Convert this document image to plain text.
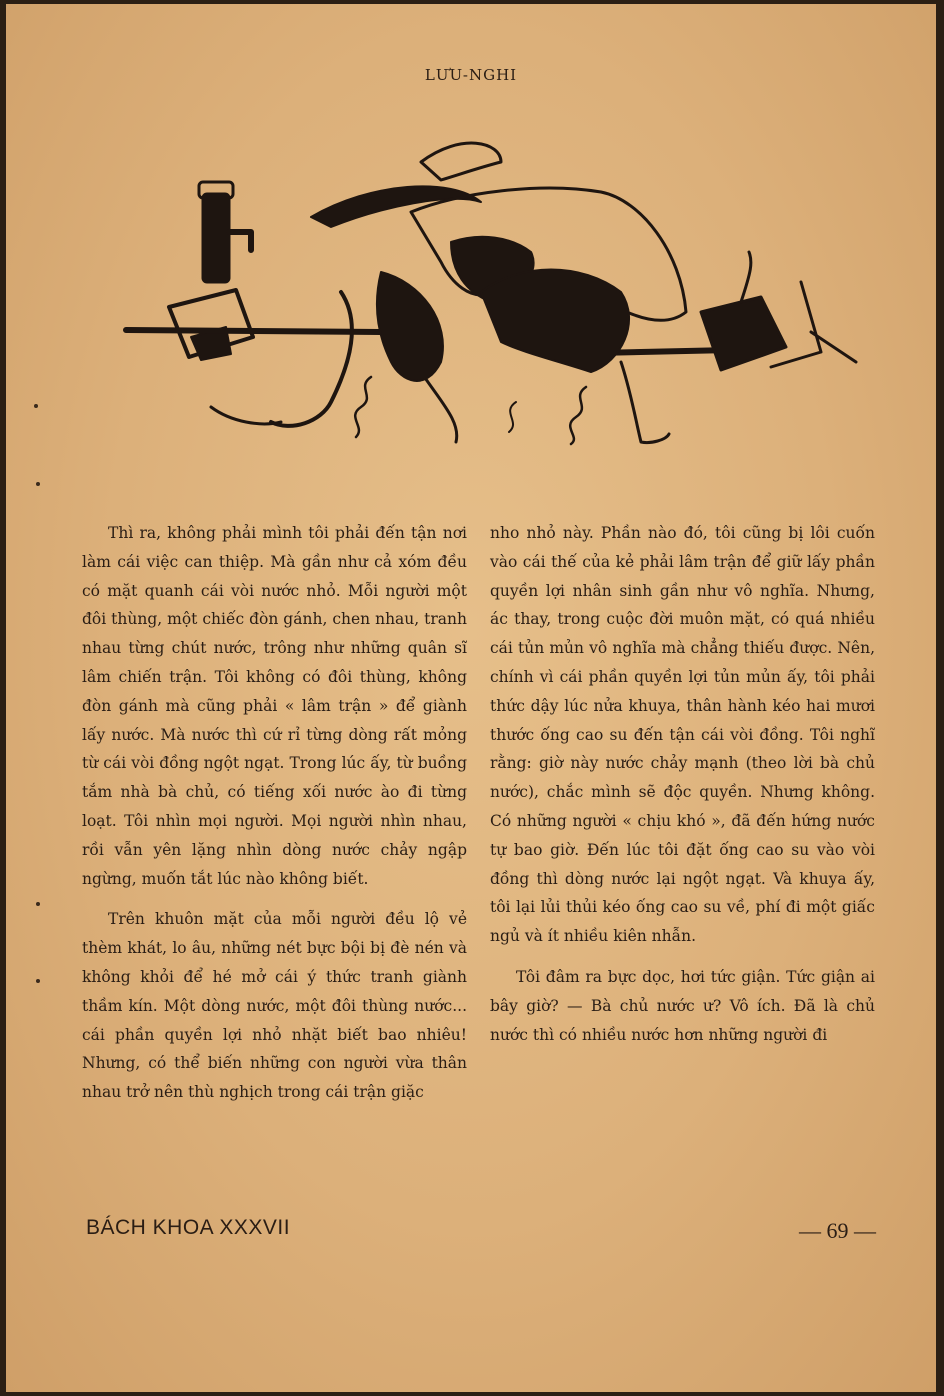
LƯU-NGHI

Thì ra, không phải mình tôi phải đến tận nơi làm cái việc can thiệp. Mà gần như cả xóm đều có mặt quanh cái vòi nước nhỏ. Mỗi người một đôi thùng, một chiếc đòn gánh, chen nhau, tranh nhau từng chút nước, trông như những quân sĩ lâm chiến trận. Tôi không có đôi thùng, không đòn gánh mà cũng phải « lâm trận » để giành lấy nước. Mà nước thì cứ rỉ từng dòng rất mỏng từ cái vòi đồng ngột ngạt. Trong lúc ấy, từ buồng tắm nhà bà chủ, có tiếng xối nước ào đi từng loạt. Tôi nhìn mọi người. Mọi người nhìn nhau, rồi vẫn yên lặng nhìn dòng nước chảy ngập ngừng, muốn tắt lúc nào không biết.

Trên khuôn mặt của mỗi người đều lộ vẻ thèm khát, lo âu, những nét bực bội bị đè nén và không khỏi để hé mở cái ý thức tranh giành thầm kín. Một dòng nước, một đôi thùng nước... cái phần quyền lợi nhỏ nhặt biết bao nhiêu! Nhưng, có thể biến những con người vừa thân nhau trở nên thù nghịch trong cái trận giặc

nho nhỏ này. Phần nào đó, tôi cũng bị lôi cuốn vào cái thế của kẻ phải lâm trận để giữ lấy phần quyền lợi nhân sinh gần như vô nghĩa. Nhưng, ác thay, trong cuộc đời muôn mặt, có quá nhiều cái tủn mủn vô nghĩa mà chẳng thiếu được. Nên, chính vì cái phần quyền lợi tủn mủn ấy, tôi phải thức dậy lúc nửa khuya, thân hành kéo hai mươi thước ống cao su đến tận cái vòi đồng. Tôi nghĩ rằng: giờ này nước chảy mạnh (theo lời bà chủ nước), chắc mình sẽ độc quyền. Nhưng không. Có những người « chịu khó », đã đến hứng nước tự bao giờ. Đến lúc tôi đặt ống cao su vào vòi đồng thì dòng nước lại ngột ngạt. Và khuya ấy, tôi lại lủi thủi kéo ống cao su về, phí đi một giấc ngủ và ít nhiều kiên nhẫn.

Tôi đâm ra bực dọc, hơi tức giận. Tức giận ai bây giờ? — Bà chủ nước ư? Vô ích. Đã là chủ nước thì có nhiều nước hơn những người đi

BÁCH KHOA XXXVII	— 69 —
